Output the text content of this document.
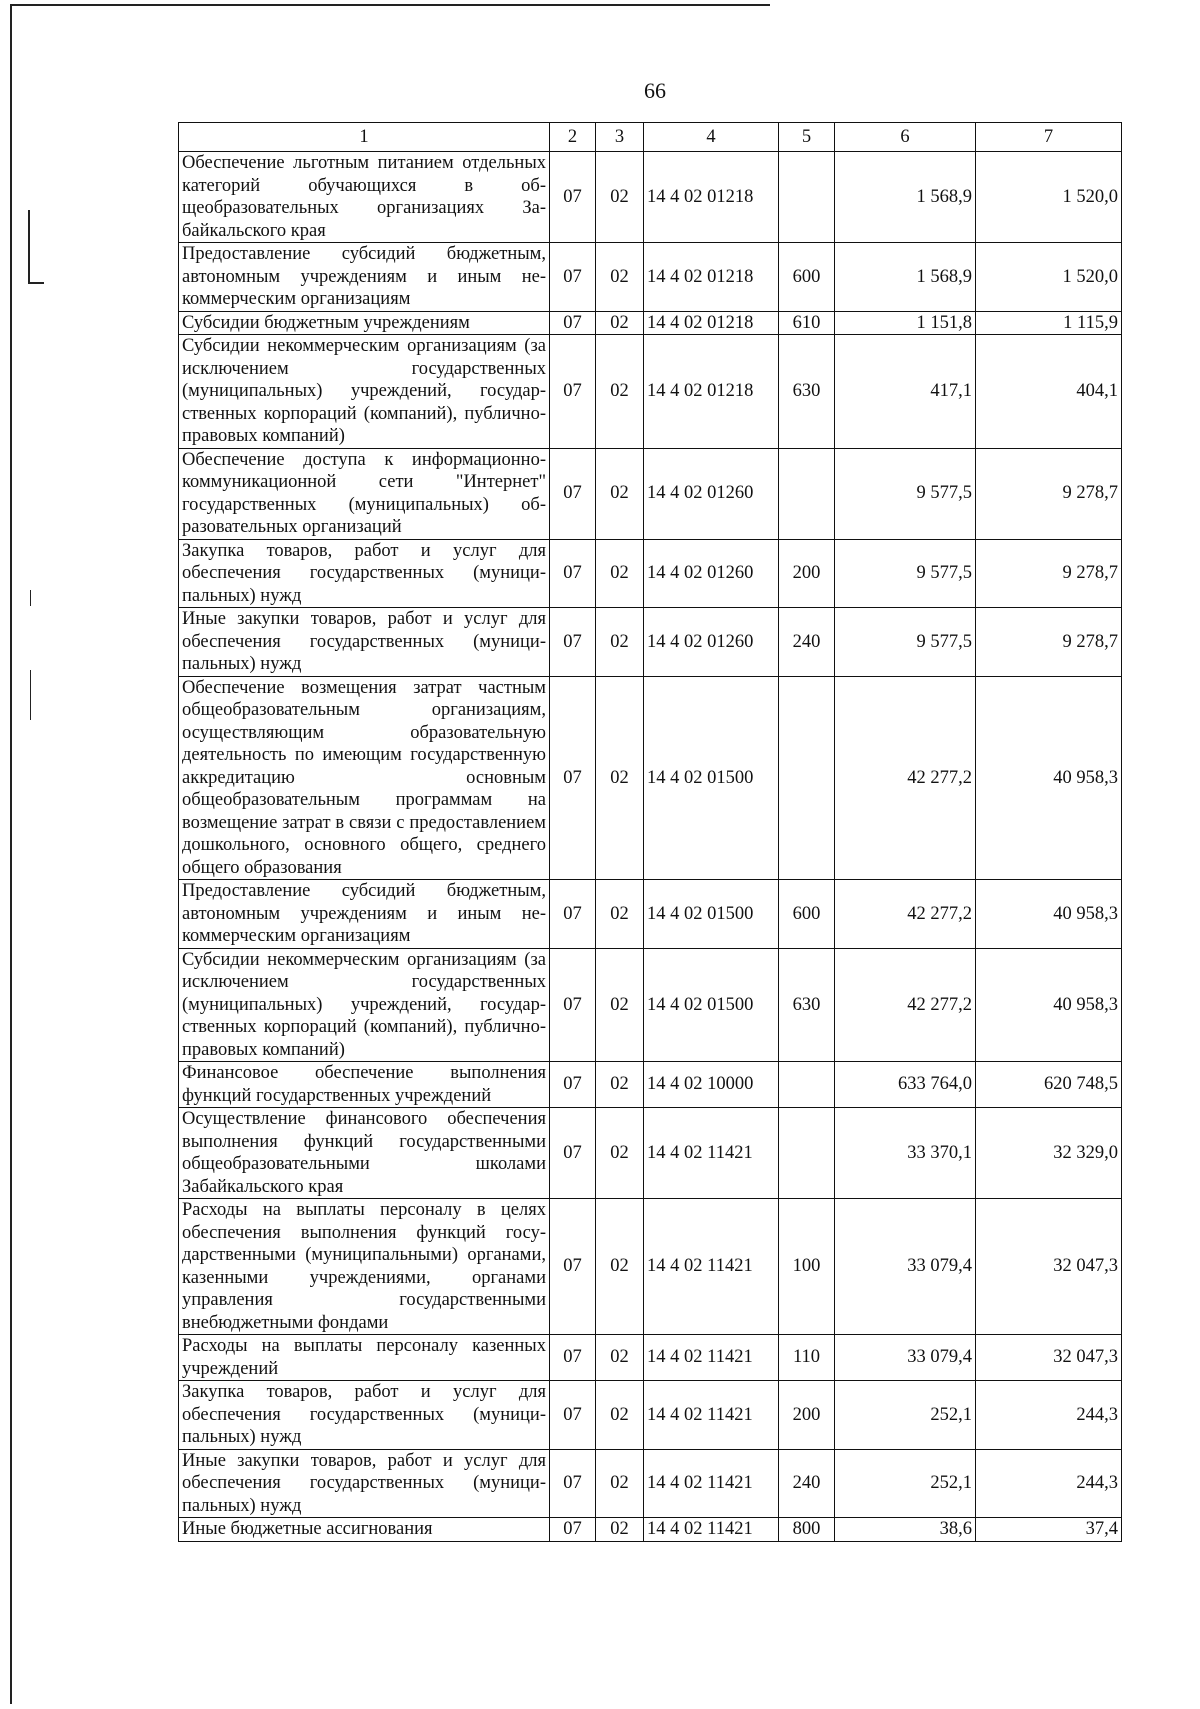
66
1	2	3	4	5	6	7
Обеспечение льготным питанием отдельных категорий обучающихся в общеобразовательных организациях Забайкальского края	07	02	14 4 02 01218		1 568,9	1 520,0
Предоставление субсидий бюджетным, автономным учреждениям и иным некоммерческим организациям	07	02	14 4 02 01218	600	1 568,9	1 520,0
Субсидии бюджетным учреждениям	07	02	14 4 02 01218	610	1 151,8	1 115,9
Субсидии некоммерческим организациям (за исключением государственных (муниципальных) учреждений, государственных корпораций (компаний), публично-правовых компаний)	07	02	14 4 02 01218	630	417,1	404,1
Обеспечение доступа к информационно-коммуникационной сети "Интернет" государственных (муниципальных) образовательных организаций	07	02	14 4 02 01260		9 577,5	9 278,7
Закупка товаров, работ и услуг для обеспечения государственных (муниципальных) нужд	07	02	14 4 02 01260	200	9 577,5	9 278,7
Иные закупки товаров, работ и услуг для обеспечения государственных (муниципальных) нужд	07	02	14 4 02 01260	240	9 577,5	9 278,7
Обеспечение возмещения затрат частным общеобразовательным организациям, осуществляющим образовательную деятельность по имеющим государственную аккредитацию основным общеобразовательным программам на возмещение затрат в связи с предоставлением дошкольного, основного общего, среднего общего образования	07	02	14 4 02 01500		42 277,2	40 958,3
Предоставление субсидий бюджетным, автономным учреждениям и иным некоммерческим организациям	07	02	14 4 02 01500	600	42 277,2	40 958,3
Субсидии некоммерческим организациям (за исключением государственных (муниципальных) учреждений, государственных корпораций (компаний), публично-правовых компаний)	07	02	14 4 02 01500	630	42 277,2	40 958,3
Финансовое обеспечение выполнения функций государственных учреждений	07	02	14 4 02 10000		633 764,0	620 748,5
Осуществление финансового обеспечения выполнения функций государственными общеобразовательными школами Забайкальского края	07	02	14 4 02 11421		33 370,1	32 329,0
Расходы на выплаты персоналу в целях обеспечения выполнения функций государственными (муниципальными) органами, казенными учреждениями, органами управления государственными внебюджетными фондами	07	02	14 4 02 11421	100	33 079,4	32 047,3
Расходы на выплаты персоналу казенных учреждений	07	02	14 4 02 11421	110	33 079,4	32 047,3
Закупка товаров, работ и услуг для обеспечения государственных (муниципальных) нужд	07	02	14 4 02 11421	200	252,1	244,3
Иные закупки товаров, работ и услуг для обеспечения государственных (муниципальных) нужд	07	02	14 4 02 11421	240	252,1	244,3
Иные бюджетные ассигнования	07	02	14 4 02 11421	800	38,6	37,4
